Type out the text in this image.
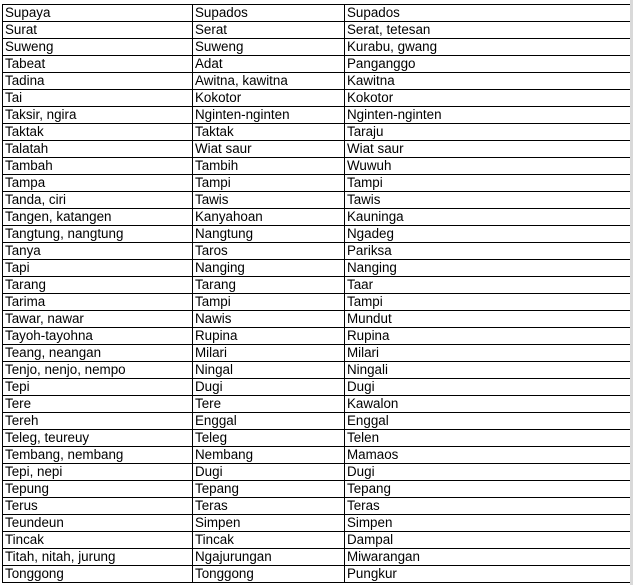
Supaya	Supados	Supados
Surat	Serat	Serat, tetesan
Suweng	Suweng	Kurabu, gwang
Tabeat	Adat	Panganggo
Tadina	Awitna, kawitna	Kawitna
Tai	Kokotor	Kokotor
Taksir, ngira	Nginten-nginten	Nginten-nginten
Taktak	Taktak	Taraju
Talatah	Wiat saur	Wiat saur
Tambah	Tambih	Wuwuh
Tampa	Tampi	Tampi
Tanda, ciri	Tawis	Tawis
Tangen, katangen	Kanyahoan	Kauninga
Tangtung, nangtung	Nangtung	Ngadeg
Tanya	Taros	Pariksa
Tapi	Nanging	Nanging
Tarang	Tarang	Taar
Tarima	Tampi	Tampi
Tawar, nawar	Nawis	Mundut
Tayoh-tayohna	Rupina	Rupina
Teang, neangan	Milari	Milari
Tenjo, nenjo, nempo	Ningal	Ningali
Tepi	Dugi	Dugi
Tere	Tere	Kawalon
Tereh	Enggal	Enggal
Teleg, teureuy	Teleg	Telen
Tembang, nembang	Nembang	Mamaos
Tepi, nepi	Dugi	Dugi
Tepung	Tepang	Tepang
Terus	Teras	Teras
Teundeun	Simpen	Simpen
Tincak	Tincak	Dampal
Titah, nitah, jurung	Ngajurungan	Miwarangan
Tonggong	Tonggong	Pungkur
